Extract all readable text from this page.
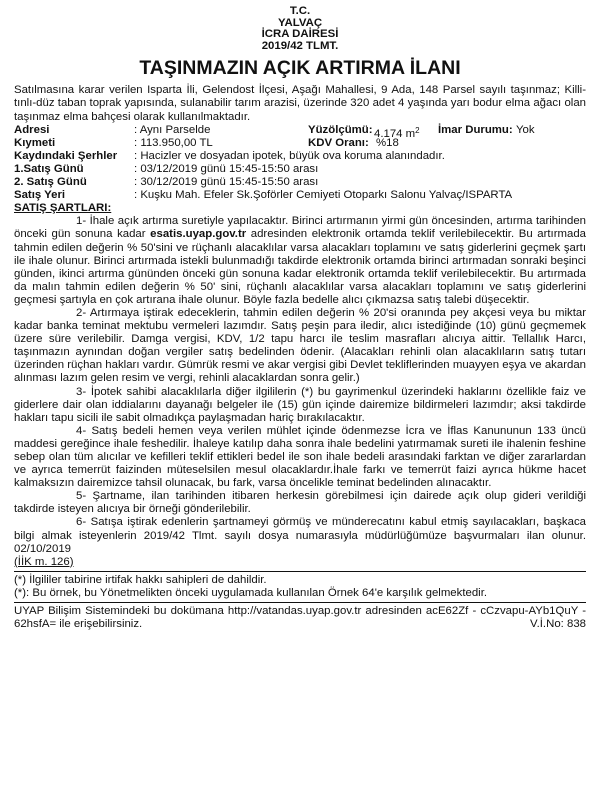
T.C.
YALVAÇ
İCRA DAİRESİ
2019/42 TLMT.
TAŞINMAZIN AÇIK ARTIRMA İLANI

Satılmasına karar verilen Isparta İli, Gelendost İlçesi, Aşağı Mahallesi, 9 Ada, 148 Parsel sayılı taşınmaz; Killi-tınlı-düz taban toprak yapısında, sulanabilir tarım arazisi, üzerinde 320 adet 4 yaşında yarı bodur elma ağacı olan taşınmaz elma bahçesi olarak kullanılmaktadır.

Adresi	: Aynı Parselde	Yüzölçümü: 4.174 $m^2$ İmar Durumu: Yok
Kıymeti	: 113.950,00 TL	KDV Oranı: %18
Kaydındaki Şerhler : Hacizler ve dosyadan ipotek, büyük ova koruma alanındadır.
1.Satış Günü	: 03/12/2019 günü 15:45-15:50 arası
2. Satış Günü	: 30/12/2019 günü 15:45-15:50 arası
Satış Yeri	: Kuşku Mah. Efeler Sk.Şoförler Cemiyeti Otoparkı Salonu Yalvaç/ISPARTA
SATIŞ ŞARTLARI:

1- İhale açık artırma suretiyle yapılacaktır. Birinci artırmanın yirmi gün öncesinden, artırma tarihinden önceki gün sonuna kadar esatis.uyap.gov.tr adresinden elektronik ortamda teklif verilebilecektir. Bu artırmada tahmin edilen değerin % 50'sini ve rüçhanlı alacaklılar varsa alacakları toplamını ve satış giderlerini geçmek şartı ile ihale olunur. Birinci artırmada istekli bulunmadığı takdirde elektronik ortamda birinci artırmadan sonraki beşinci günden, ikinci artırma gününden önceki gün sonuna kadar elektronik ortamda teklif verilebilecektir. Bu artırmada da malın tahmin edilen değerin % 50' sini, rüçhanlı alacaklılar varsa alacakları toplamını ve satış giderlerini geçmesi şartıyla en çok artırana ihale olunur. Böyle fazla bedelle alıcı çıkmazsa satış talebi düşecektir.

2- Artırmaya iştirak edeceklerin, tahmin edilen değerin % 20'si oranında pey akçesi veya bu miktar kadar banka teminat mektubu vermeleri lazımdır. Satış peşin para iledir, alıcı istediğinde (10) günü geçmemek üzere süre verilebilir. Damga vergisi, KDV, 1/2 tapu harcı ile teslim masrafları alıcıya aittir. Tellallık Harcı, taşınmazın aynından doğan vergiler satış bedelinden ödenir. (Alacakları rehinli olan alacaklıların satış tutarı üzerinden rüçhan hakları vardır. Gümrük resmi ve akar vergisi gibi Devlet tekliflerinden muayyen eşya ve akardan alınması lazım gelen resim ve vergi, rehinli alacaklardan sonra gelir.)

3- İpotek sahibi alacaklılarla diğer ilgililerin (*) bu gayrimenkul üzerindeki haklarını özellikle faiz ve giderlere dair olan iddialarını dayanağı belgeler ile (15) gün içinde dairemize bildirmeleri lazımdır; aksi takdirde hakları tapu sicili ile sabit olmadıkça paylaşmadan hariç bırakılacaktır.

4- Satış bedeli hemen veya verilen mühlet içinde ödenmezse İcra ve İflas Kanununun 133 üncü maddesi gereğince ihale feshedilir. İhaleye katılıp daha sonra ihale bedelini yatırmamak sureti ile ihalenin feshine sebep olan tüm alıcılar ve kefilleri teklif ettikleri bedel ile son ihale bedeli arasındaki farktan ve diğer zararlardan ve ayrıca temerrüt faizinden müteselsilen mesul olacaklardır.İhale farkı ve temerrüt faizi ayrıca hükme hacet kalmaksızın dairemizce tahsil olunacak, bu fark, varsa öncelikle teminat bedelinden alınacaktır.

5- Şartname, ilan tarihinden itibaren herkesin görebilmesi için dairede açık olup gideri verildiği takdirde isteyen alıcıya bir örneği gönderilebilir.

6- Satışa iştirak edenlerin şartnameyi görmüş ve münderecatını kabul etmiş sayılacakları, başkaca bilgi almak isteyenlerin 2019/42 Tlmt. sayılı dosya numarasıyla müdürlüğümüze başvurmaları ilan olunur. 02/10/2019

(İİK m. 126)

(*) İlgililer tabirine irtifak hakkı sahipleri de dahildir.

(*): Bu örnek, bu Yönetmelikten önceki uygulamada kullanılan Örnek 64'e karşılık gelmektedir.

UYAP Bilişim Sistemindeki bu dokümana http://vatandas.uyap.gov.tr adresinden acE62Zf - cCzvapu-AYb1QuY - 62hsfA= ile erişebilirsiniz.	V.İ.No: 838
